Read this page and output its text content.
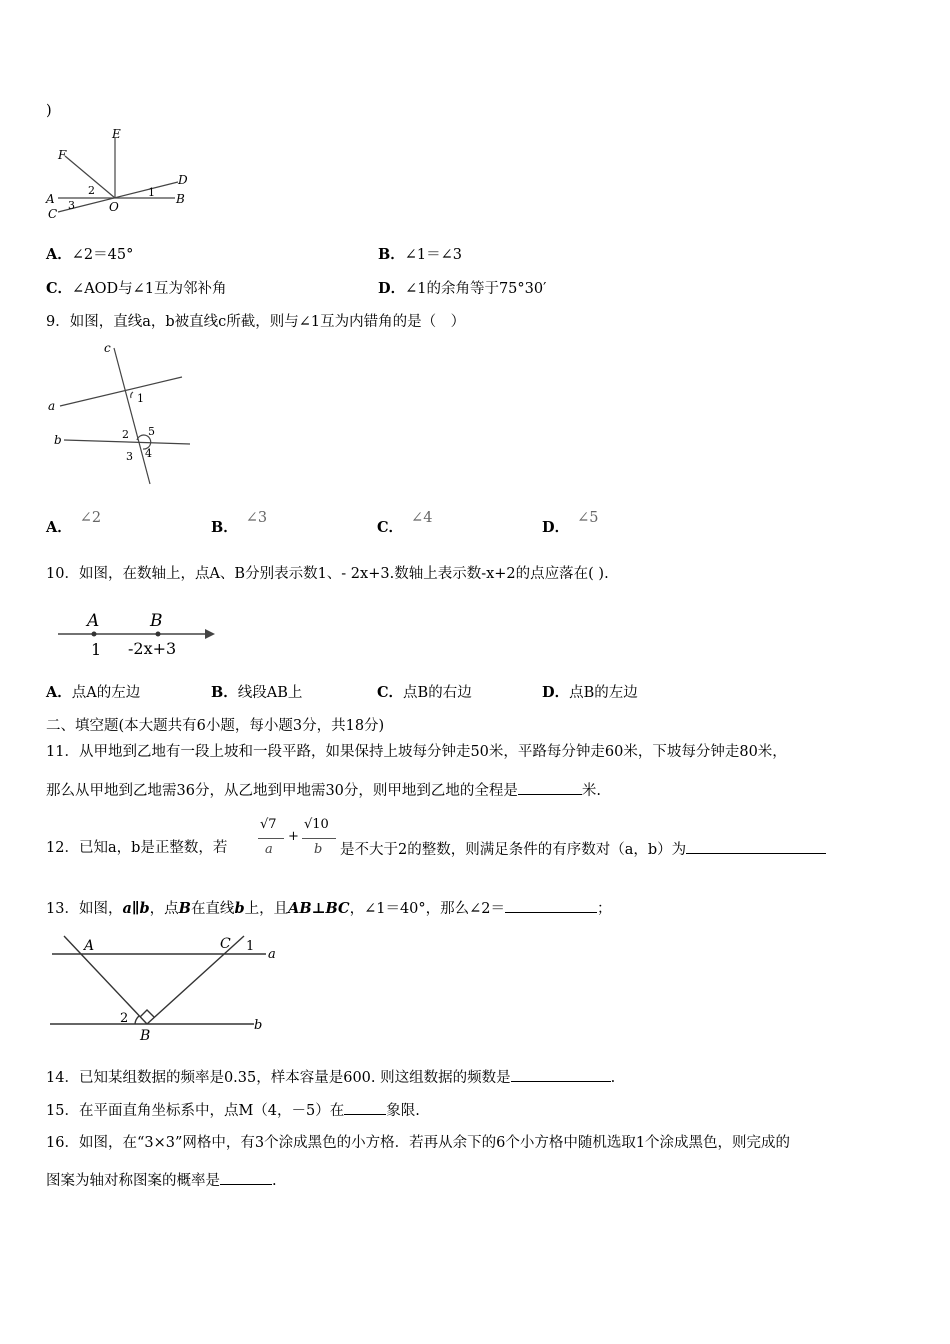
)
E
F
D
A	B
C	O
1
2
3
A．∠2＝45°	B．∠1＝∠3
C．∠AOD与∠1互为邻补角	D．∠1的余角等于75°30′
9．如图，直线a，b被直线c所截，则与∠1互为内错角的是（　）
a
b
c
1
2
3 4
5
A．∠2
B．∠3
C．∠4
D．∠5
10．如图，在数轴上，点A、B分别表示数1、- 2x+3.数轴上表示数-x+2的点应落在( ).
A	B
1 -2x+3
A．点A的左边	B．线段AB上	C．点B的右边	D．点B的左边
二、填空题(本大题共有6小题，每小题3分，共18分)
11．从甲地到乙地有一段上坡和一段平路，如果保持上坡每分钟走50米，平路每分钟走60米，下坡每分钟走80米，
那么从甲地到乙地需36分，从乙地到甲地需30分，则甲地到乙地的全程是	米.
12．已知a，b是正整数，若
√7
a
+
√10
b 是不大于2的整数，则满足条件的有序数对（a，b）为
13．如图，a∥b，点B在直线b上，且AB⊥BC，∠1＝40°，那么∠2＝	；
A	C 1
a
b
2
B
14．已知某组数据的频率是0.35，样本容量是600. 则这组数据的频数是	.
15．在平面直角坐标系中，点M（4，－5）在	象限.
16．如图，在“3×3”网格中，有3个涂成黑色的小方格．若再从余下的6个小方格中随机选取1个涂成黑色，则完成的
图案为轴对称图案的概率是	.
